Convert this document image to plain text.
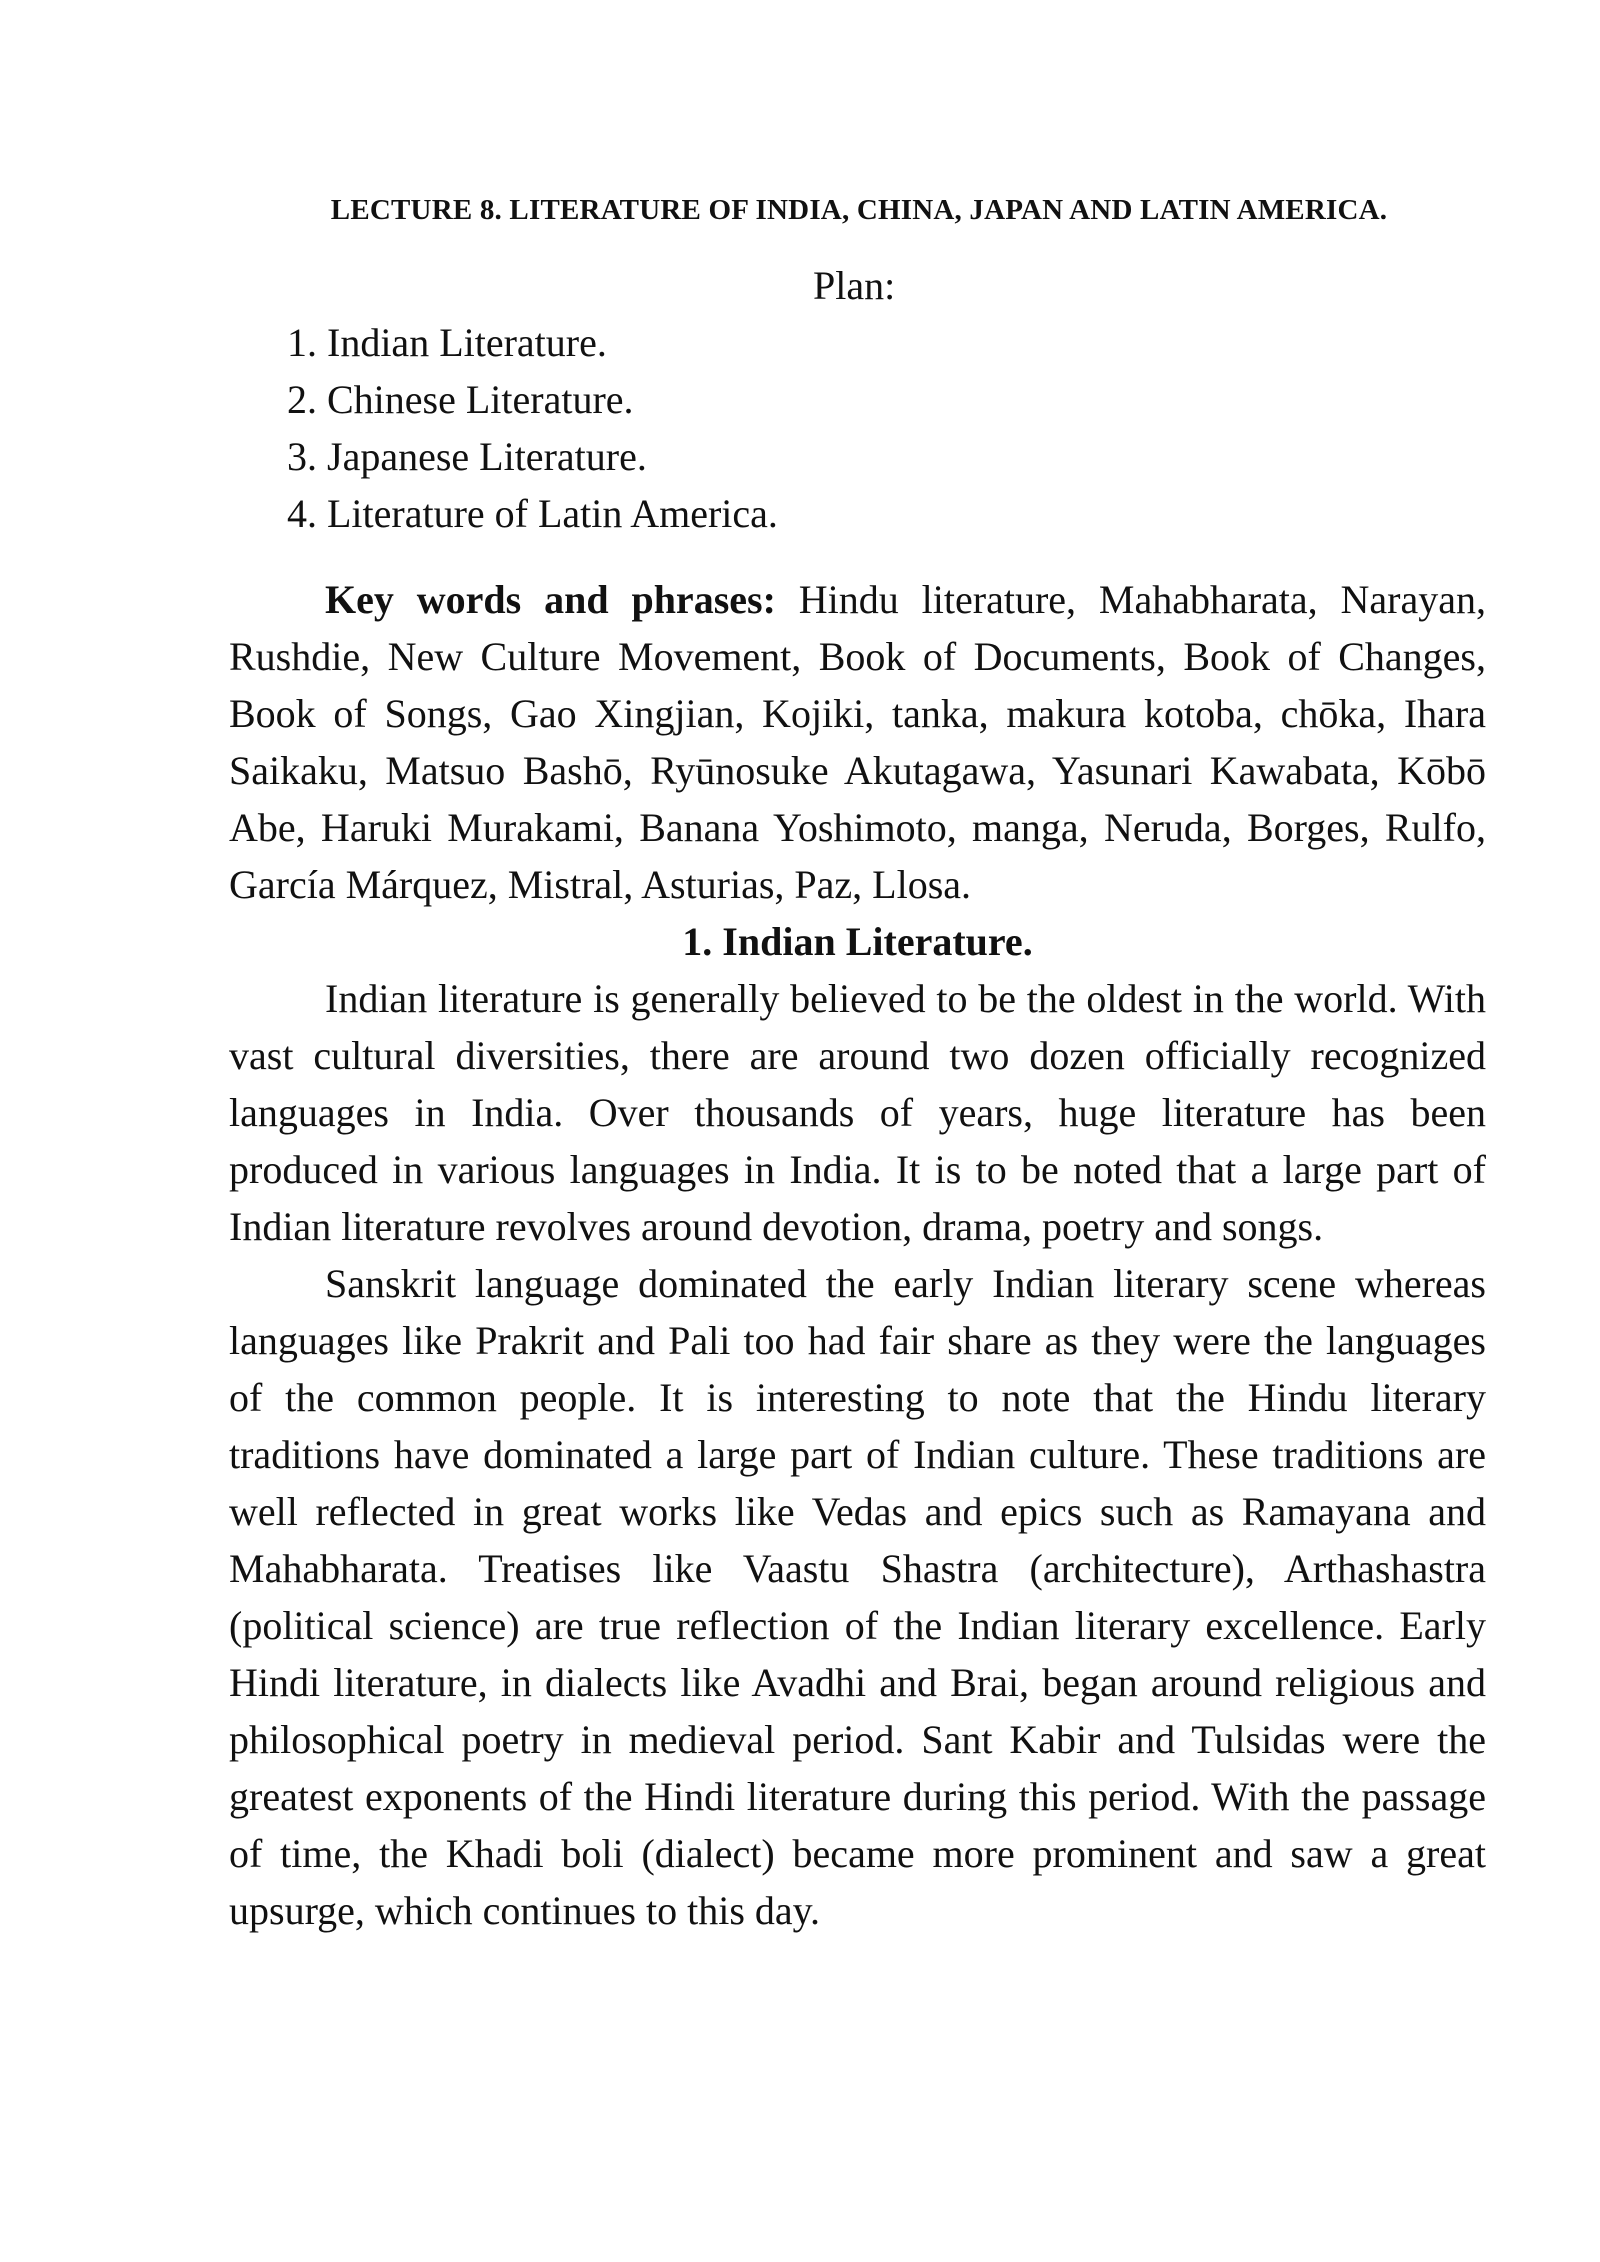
LECTURE 8. LITERATURE OF INDIA, CHINA, JAPAN AND LATIN AMERICA.
Plan:
1. Indian Literature.
2. Chinese Literature.
3. Japanese Literature.
4. Literature of Latin America.

Key words and phrases: Hindu literature, Mahabharata, Narayan, Rushdie, New Culture Movement, Book of Documents, Book of Changes, Book of Songs, Gao Xingjian, Kojiki, tanka, makura kotoba, chōka, Ihara Saikaku, Matsuo Bashō, Ryūnosuke Akutagawa, Yasunari Kawabata, Kōbō Abe, Haruki Murakami, Banana Yoshimoto, manga, Neruda, Borges, Rulfo, García Márquez, Mistral, Asturias, Paz, Llosa.

1. Indian Literature.

Indian literature is generally believed to be the oldest in the world. With vast cultural diversities, there are around two dozen officially recognized languages in India. Over thousands of years, huge literature has been produced in various languages in India. It is to be noted that a large part of Indian literature revolves around devotion, drama, poetry and songs.

Sanskrit language dominated the early Indian literary scene whereas languages like Prakrit and Pali too had fair share as they were the languages of the common people. It is interesting to note that the Hindu literary traditions have dominated a large part of Indian culture. These traditions are well reflected in great works like Vedas and epics such as Ramayana and Mahabharata. Treatises like Vaastu Shastra (architecture), Arthashastra (political science) are true reflection of the Indian literary excellence. Early Hindi literature, in dialects like Avadhi and Brai, began around religious and philosophical poetry in medieval period. Sant Kabir and Tulsidas were the greatest exponents of the Hindi literature during this period. With the passage of time, the Khadi boli (dialect) became more prominent and saw a great upsurge, which continues to this day.
